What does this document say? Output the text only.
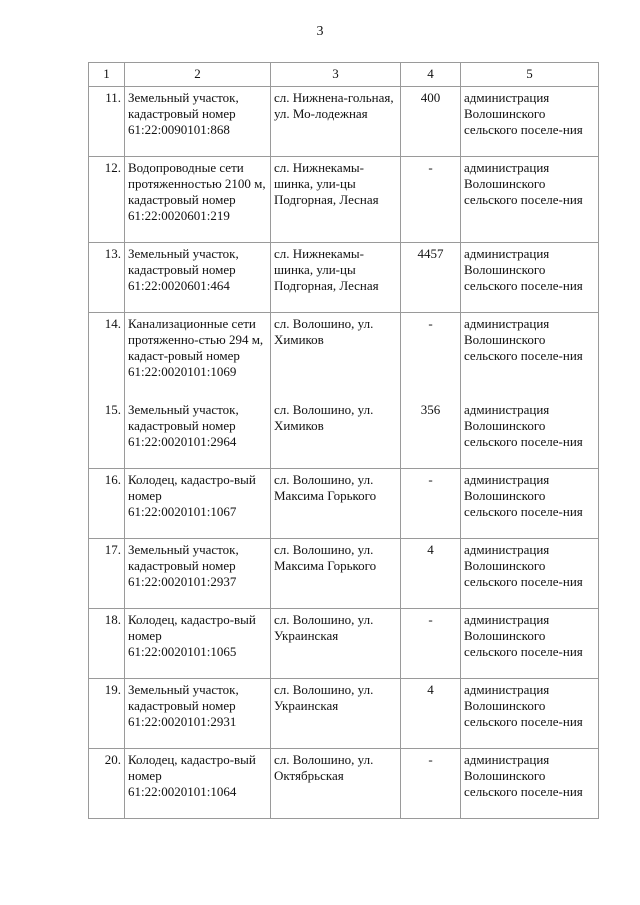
3
1	2	3	4	5
11.	Земельный участок, кадастровый номер 61:22:0090101:868	сл. Нижнена-гольная, ул. Мо-лодежная	400	администрация Волошинского сельского поселе-ния
12.	Водопроводные сети протяженностью 2100 м, кадастровый номер 61:22:0020601:219	сл. Нижнекамы-шинка, ули-цы Подгорная, Лесная	-	администрация Волошинского сельского поселе-ния
13.	Земельный участок, кадастровый номер 61:22:0020601:464	сл. Нижнекамы-шинка, ули-цы Подгорная, Лесная	4457	администрация Волошинского сельского поселе-ния
14.	Канализационные сети протяженно-стью 294 м, кадаст-ровый номер 61:22:0020101:1069	сл. Волошино, ул. Химиков	-	администрация Волошинского сельского поселе-ния
15.	Земельный участок, кадастровый номер 61:22:0020101:2964	сл. Волошино, ул. Химиков	356	администрация Волошинского сельского поселе-ния
16.	Колодец, кадастро-вый номер 61:22:0020101:1067	сл. Волошино, ул. Максима Горького	-	администрация Волошинского сельского поселе-ния
17.	Земельный участок, кадастровый номер 61:22:0020101:2937	сл. Волошино, ул. Максима Горького	4	администрация Волошинского сельского поселе-ния
18.	Колодец, кадастро-вый номер 61:22:0020101:1065	сл. Волошино, ул. Украинская	-	администрация Волошинского сельского поселе-ния
19.	Земельный участок, кадастровый номер 61:22:0020101:2931	сл. Волошино, ул. Украинская	4	администрация Волошинского сельского поселе-ния
20.	Колодец, кадастро-вый номер 61:22:0020101:1064	сл. Волошино, ул. Октябрьская	-	администрация Волошинского сельского поселе-ния
